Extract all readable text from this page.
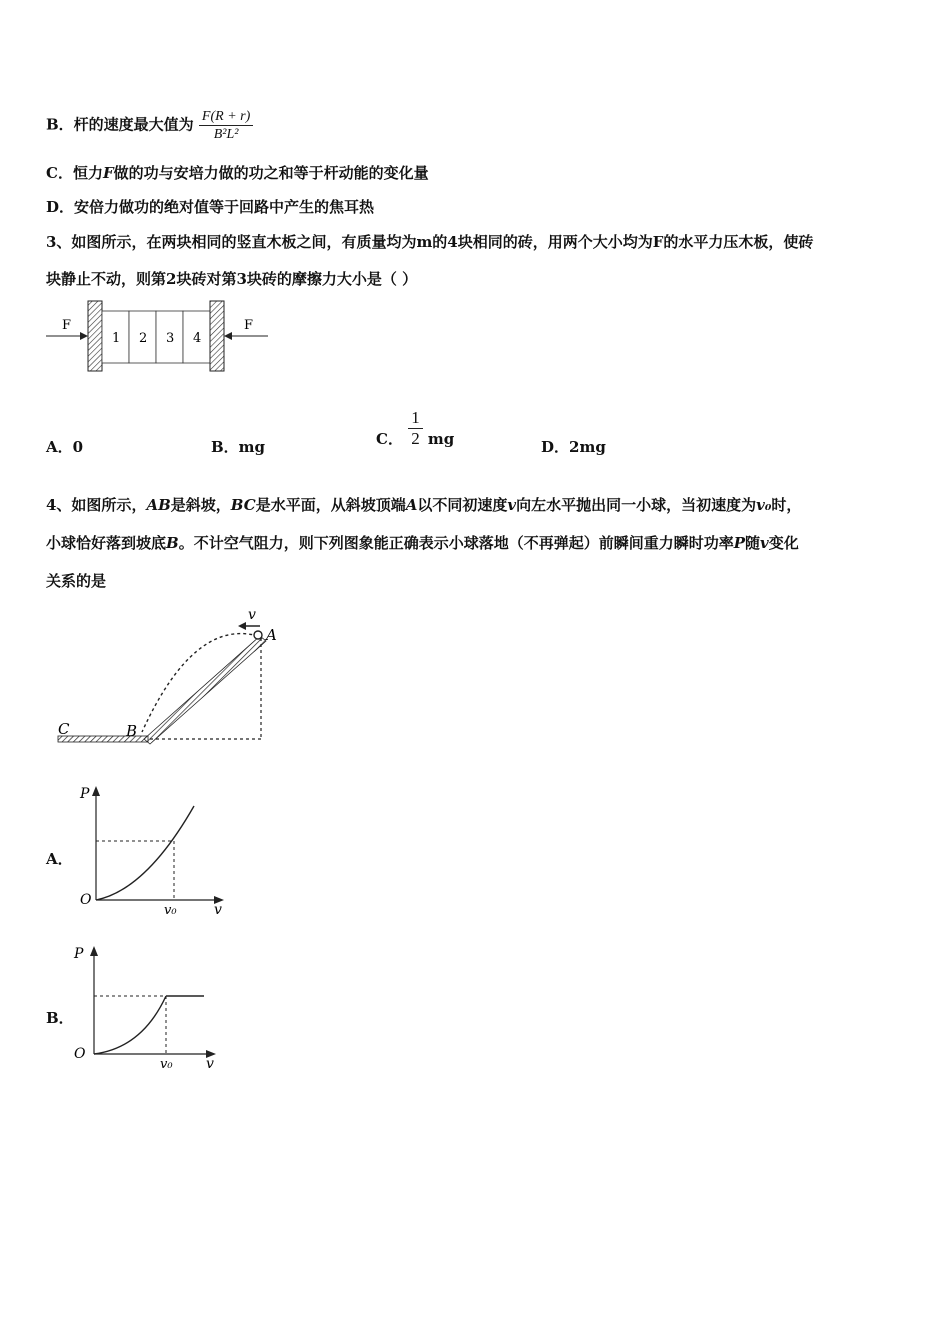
B．杆的速度最大值为 $\frac{F(R + r)}{\text{B²L²}}$
C．恒力F做的功与安培力做的功之和等于杆动能的变化量
D．安倍力做功的绝对值等于回路中产生的焦耳热
3、如图所示，在两块相同的竖直木板之间，有质量均为m的4块相同的砖，用两个大小均为F的水平力压木板，使砖
块静止不动，则第2块砖对第3块砖的摩擦力大小是（ ）
F
1 2 3 4
F
A．0	B．mg	C． $\frac{1}{2}$ mg	D．2mg
4、如图所示，AB是斜坡，BC是水平面，从斜坡顶端A以不同初速度v向左水平抛出同一小球，当初速度为v₀时，
小球恰好落到坡底B。不计空气阻力，则下列图象能正确表示小球落地（不再弹起）前瞬间重力瞬时功率P随v变化
关系的是
v
A
B
C
A．
P
O
v₀	v
B．
P
O
v₀ v
